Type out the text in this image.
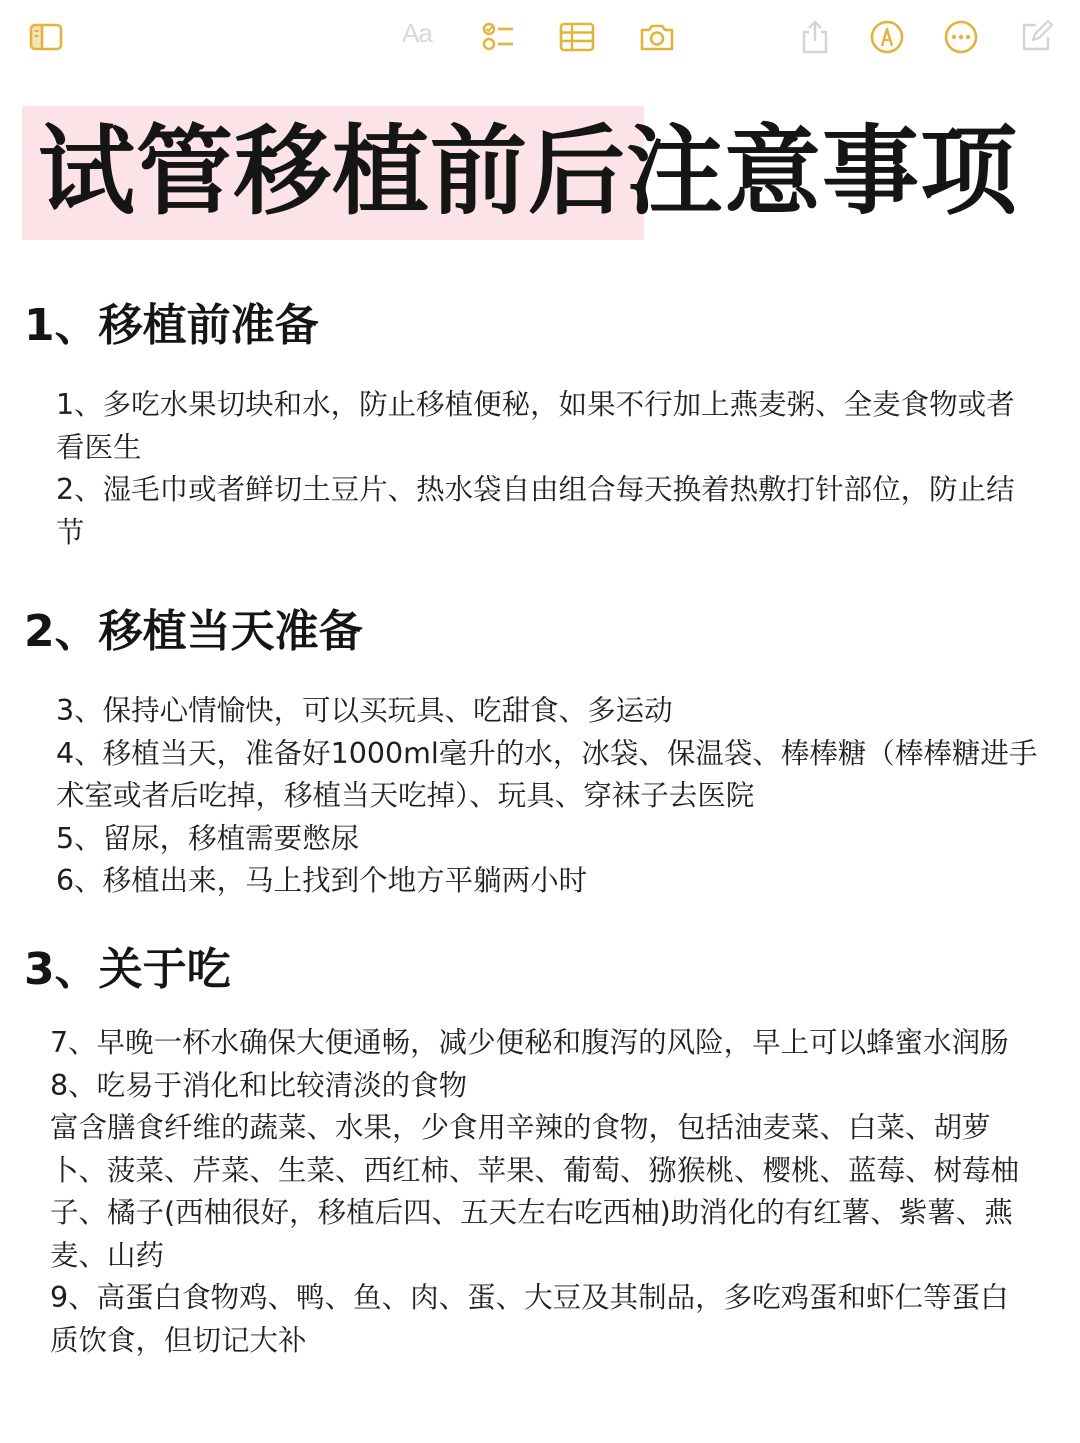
Aa
试管移植前后注意事项
1、移植前准备

1、多吃水果切块和水，防止移植便秘，如果不行加上燕麦粥、全麦食物或者看医生

2、湿毛巾或者鲜切土豆片、热水袋自由组合每天换着热敷打针部位，防止结节

2、移植当天准备

3、保持心情愉快，可以买玩具、吃甜食、多运动

4、移植当天，准备好1000ml毫升的水，冰袋、保温袋、棒棒糖（棒棒糖进手术室或者后吃掉，移植当天吃掉）、玩具、穿袜子去医院

5、留尿，移植需要憋尿

6、移植出来，马上找到个地方平躺两小时

3、关于吃

7、早晚一杯水确保大便通畅，减少便秘和腹泻的风险，早上可以蜂蜜水润肠

8、吃易于消化和比较清淡的食物

富含膳食纤维的蔬菜、水果，少食用辛辣的食物，包括油麦菜、白菜、胡萝卜、菠菜、芹菜、生菜、西红柿、苹果、葡萄、猕猴桃、樱桃、蓝莓、树莓柚子、橘子(西柚很好，移植后四、五天左右吃西柚)助消化的有红薯、紫薯、燕麦、山药

9、高蛋白食物鸡、鸭、鱼、肉、蛋、大豆及其制品，多吃鸡蛋和虾仁等蛋白质饮食，但切记大补
